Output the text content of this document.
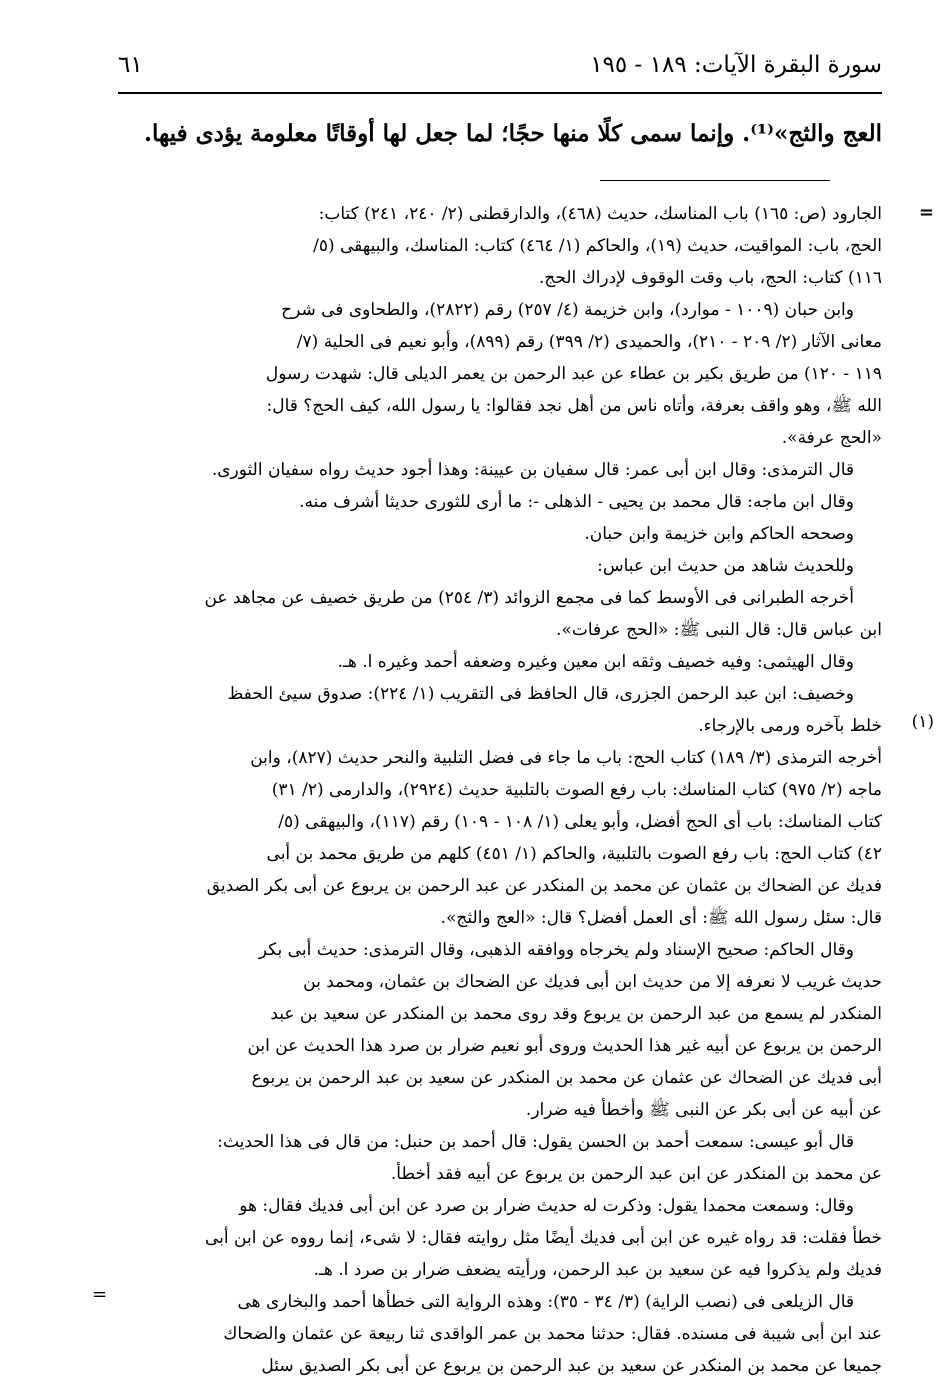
سورة البقرة الآيات: ١٨٩ - ١٩٥
٦١
العج والثج»⁽¹⁾. وإنما سمى كلًا منها حجًا؛ لما جعل لها أوقاتًا معلومة يؤدى فيها.
=
(١)
الجارود (ص: ١٦٥) باب المناسك، حديث (٤٦٨)، والدارقطنى (٢/ ٢٤٠، ٢٤١) كتاب:
الحج، باب: المواقيت، حديث (١٩)، والحاكم (١/ ٤٦٤) كتاب: المناسك، والبيهقى (٥/
١١٦) كتاب: الحج، باب وقت الوقوف لإدراك الحج.
وابن حبان (١٠٠٩ - موارد)، وابن خزيمة (٤/ ٢٥٧) رقم (٢٨٢٢)، والطحاوى فى شرح
معانى الآثار (٢/ ٢٠٩ - ٢١٠)، والحميدى (٢/ ٣٩٩) رقم (٨٩٩)، وأبو نعيم فى الحلية (٧/
١١٩ - ١٢٠) من طريق بكير بن عطاء عن عبد الرحمن بن يعمر الديلى قال: شهدت رسول
الله ﷺ، وهو واقف بعرفة، وأتاه ناس من أهل نجد فقالوا: يا رسول الله، كيف الحج؟ قال:
«الحج عرفة».
قال الترمذى: وقال ابن أبى عمر: قال سفيان بن عيينة: وهذا أجود حديث رواه سفيان الثورى.
وقال ابن ماجه: قال محمد بن يحيى - الذهلى -: ما أرى للثورى حديثا أشرف منه.
وصححه الحاكم وابن خزيمة وابن حبان.
وللحديث شاهد من حديث ابن عباس:
أخرجه الطبرانى فى الأوسط كما فى مجمع الزوائد (٣/ ٢٥٤) من طريق خصيف عن مجاهد عن
ابن عباس قال: قال النبى ﷺ: «الحج عرفات».
وقال الهيثمى: وفيه خصيف وثقه ابن معين وغيره وضعفه أحمد وغيره ا. هـ.
وخصيف: ابن عبد الرحمن الجزرى، قال الحافظ فى التقريب (١/ ٢٢٤): صدوق سيئ الحفظ
خلط بآخره ورمى بالإرجاء.
أخرجه الترمذى (٣/ ١٨٩) كتاب الحج: باب ما جاء فى فضل التلبية والنحر حديث (٨٢٧)، وابن
ماجه (٢/ ٩٧٥) كتاب المناسك: باب رفع الصوت بالتلبية حديث (٢٩٢٤)، والدارمى (٢/ ٣١)
كتاب المناسك: باب أى الحج أفضل، وأبو يعلى (١/ ١٠٨ - ١٠٩) رقم (١١٧)، والبيهقى (٥/
٤٢) كتاب الحج: باب رفع الصوت بالتلبية، والحاكم (١/ ٤٥١) كلهم من طريق محمد بن أبى
فديك عن الضحاك بن عثمان عن محمد بن المنكدر عن عبد الرحمن بن يربوع عن أبى بكر الصديق
قال: سئل رسول الله ﷺ: أى العمل أفضل؟ قال: «العج والثج».
وقال الحاكم: صحيح الإسناد ولم يخرجاه ووافقه الذهبى، وقال الترمذى: حديث أبى بكر
حديث غريب لا نعرفه إلا من حديث ابن أبى فديك عن الضحاك بن عثمان، ومحمد بن
المنكدر لم يسمع من عبد الرحمن بن يربوع وقد روى محمد بن المنكدر عن سعيد بن عبد
الرحمن بن يربوع عن أبيه غير هذا الحديث وروى أبو نعيم ضرار بن صرد هذا الحديث عن ابن
أبى فديك عن الضحاك عن عثمان عن محمد بن المنكدر عن سعيد بن عبد الرحمن بن يربوع
عن أبيه عن أبى بكر عن النبى ﷺ وأخطأ فيه ضرار.
قال أبو عيسى: سمعت أحمد بن الحسن يقول: قال أحمد بن حنبل: من قال فى هذا الحديث:
عن محمد بن المنكدر عن ابن عبد الرحمن بن يربوع عن أبيه فقد أخطأ.
وقال: وسمعت محمدا يقول: وذكرت له حديث ضرار بن صرد عن ابن أبى فديك فقال: هو
خطأ فقلت: قد رواه غيره عن ابن أبى فديك أيضًا مثل روايته فقال: لا شىء، إنما رووه عن ابن أبى
فديك ولم يذكروا فيه عن سعيد بن عبد الرحمن، ورأيته يضعف ضرار بن صرد ا. هـ.
قال الزيلعى فى (نصب الراية) (٣/ ٣٤ - ٣٥): وهذه الرواية التى خطأها أحمد والبخارى هى
عند ابن أبى شيبة فى مسنده. فقال: حدثنا محمد بن عمر الواقدى ثنا ربيعة عن عثمان والضحاك
جميعا عن محمد بن المنكدر عن سعيد بن عبد الرحمن بن يربوع عن أبى بكر الصديق سئل
=
